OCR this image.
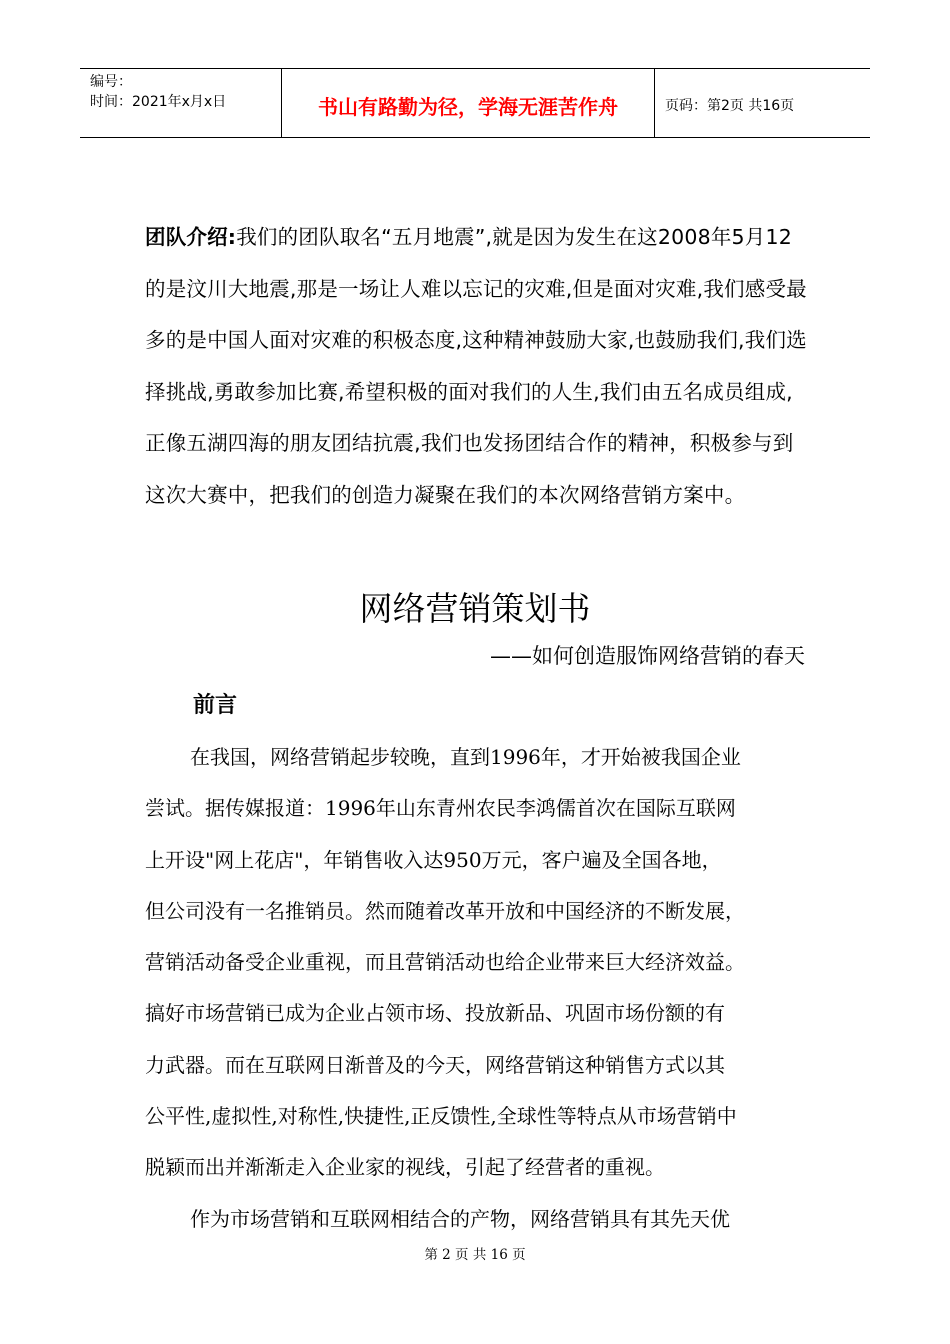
编号：
时间：2021年x月x日	书山有路勤为径，学海无涯苦作舟	页码：第2页 共16页
团队介绍:我们的团队取名“五月地震”,就是因为发生在这2008年5月12的是汶川大地震,那是一场让人难以忘记的灾难,但是面对灾难,我们感受最多的是中国人面对灾难的积极态度,这种精神鼓励大家,也鼓励我们,我们选择挑战,勇敢参加比赛,希望积极的面对我们的人生,我们由五名成员组成,正像五湖四海的朋友团结抗震,我们也发扬团结合作的精神，积极参与到这次大赛中，把我们的创造力凝聚在我们的本次网络营销方案中。
网络营销策划书
——如何创造服饰网络营销的春天
前言
在我国，网络营销起步较晚，直到1996年，才开始被我国企业
尝试。据传媒报道：1996年山东青州农民李鸿儒首次在国际互联网
上开设"网上花店"，年销售收入达950万元，客户遍及全国各地，
但公司没有一名推销员。然而随着改革开放和中国经济的不断发展，
营销活动备受企业重视，而且营销活动也给企业带来巨大经济效益。
搞好市场营销已成为企业占领市场、投放新品、巩固市场份额的有
力武器。而在互联网日渐普及的今天，网络营销这种销售方式以其
公平性,虚拟性,对称性,快捷性,正反馈性,全球性等特点从市场营销中
脱颖而出并渐渐走入企业家的视线，引起了经营者的重视。
作为市场营销和互联网相结合的产物，网络营销具有其先天优
第 2 页 共 16 页
